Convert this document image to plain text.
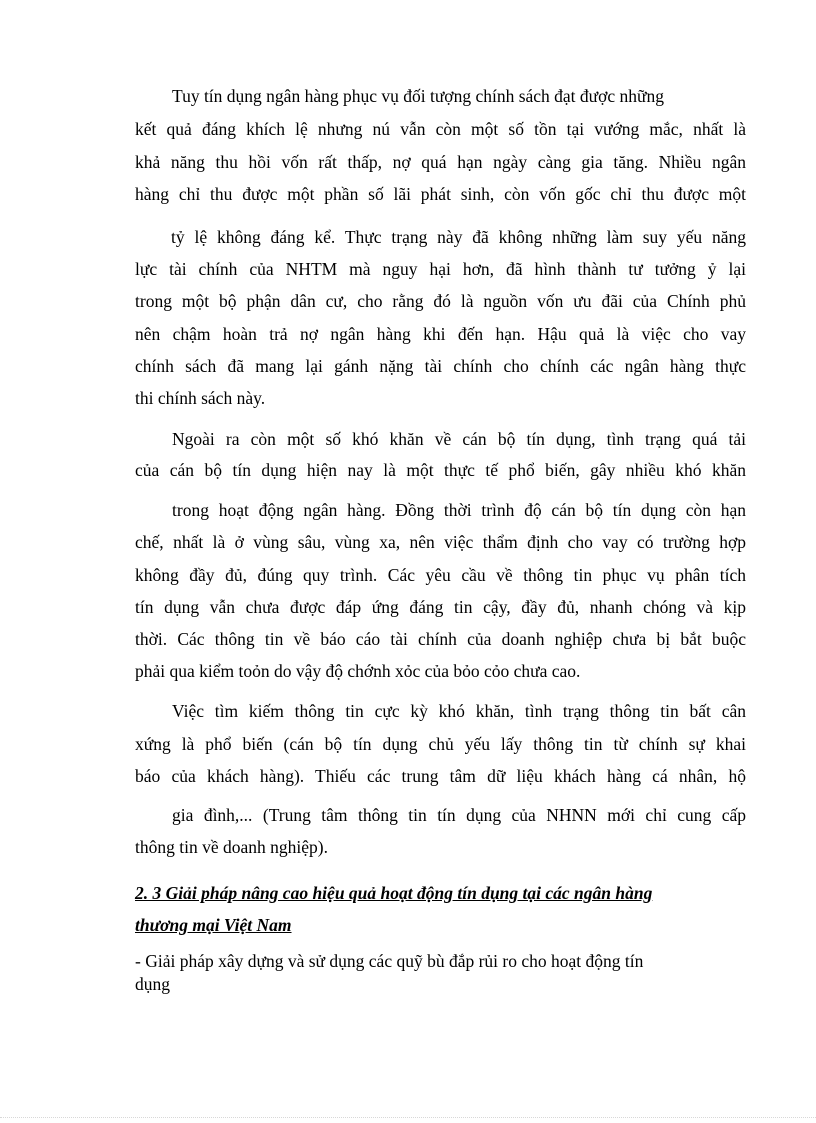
Tuy tín dụng ngân hàng phục vụ đối tượng chính sách đạt được những
kết quả đáng khích lệ nhưng nú vẫn còn một số tồn tại vướng mắc, nhất là
khả năng thu hồi vốn rất thấp, nợ quá hạn ngày càng gia tăng. Nhiều ngân
hàng chỉ thu được một phần số lãi phát sinh, còn vốn gốc chỉ thu được một
tỷ lệ không đáng kể. Thực trạng này đã không những làm suy yếu năng
lực tài chính của NHTM mà nguy hại hơn, đã hình thành tư tưởng ỷ lại
trong một bộ phận dân cư, cho rằng đó là nguồn vốn ưu đãi của Chính phủ
nên chậm hoàn trả nợ ngân hàng khi đến hạn. Hậu quả là việc cho vay
chính sách đã mang lại gánh nặng tài chính cho chính các ngân hàng thực
thi chính sách này.
Ngoài ra còn một số khó khăn về cán bộ tín dụng, tình trạng quá tải
của cán bộ tín dụng hiện nay là một thực tế phổ biến, gây nhiều khó khăn
trong hoạt động ngân hàng. Đồng thời trình độ cán bộ tín dụng còn hạn
chế, nhất là ở vùng sâu, vùng xa, nên việc thẩm định cho vay có trường hợp
không đầy đủ, đúng quy trình. Các yêu cầu về thông tin phục vụ phân tích
tín dụng vẫn chưa được đáp ứng đáng tin cậy, đầy đủ, nhanh chóng và kịp
thời. Các thông tin về báo cáo tài chính của doanh nghiệp chưa bị bắt buộc
phải qua kiểm toỏn do vậy độ chớnh xỏc của bỏo cỏo chưa cao.
Việc tìm kiếm thông tin cực kỳ khó khăn, tình trạng thông tin bất cân
xứng là phổ biến (cán bộ tín dụng chủ yếu lấy thông tin từ chính sự khai
báo của khách hàng). Thiếu các trung tâm dữ liệu khách hàng cá nhân, hộ
gia đình,... (Trung tâm thông tin tín dụng của NHNN mới chỉ cung cấp
thông tin về doanh nghiệp).
2. 3 Giải pháp nâng cao hiệu quả hoạt động tín dụng tại các ngân hàng
thương mại Việt Nam
- Giải pháp xây dựng và sử dụng các quỹ bù đắp rủi ro cho hoạt động tín
dụng
